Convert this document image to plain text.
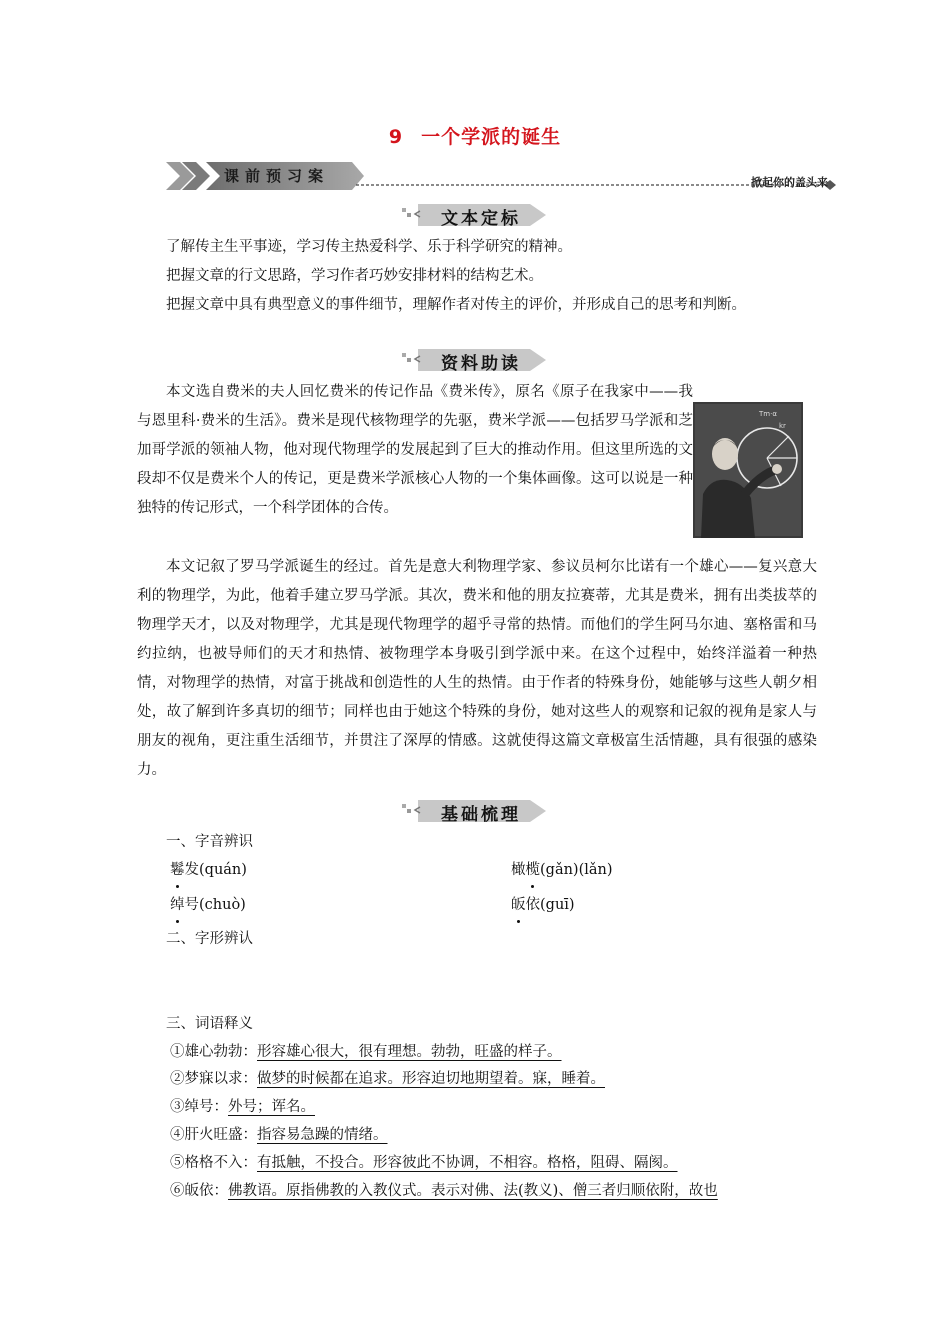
9 一个学派的诞生
课前预习案	掀起你的盖头来
文本定标

了解传主生平事迹，学习传主热爱科学、乐于科学研究的精神。

把握文章的行文思路，学习作者巧妙安排材料的结构艺术。

把握文章中具有典型意义的事件细节，理解作者对传主的评价，并形成自己的思考和判断。

资料助读
Tm·α
kr

本文选自费米的夫人回忆费米的传记作品《费米传》，原名《原子在我家中——我与恩里科·费米的生活》。费米是现代核物理学的先驱，费米学派——包括罗马学派和芝加哥学派的领袖人物，他对现代物理学的发展起到了巨大的推动作用。但这里所选的文段却不仅是费米个人的传记，更是费米学派核心人物的一个集体画像。这可以说是一种独特的传记形式，一个科学团体的合传。

本文记叙了罗马学派诞生的经过。首先是意大利物理学家、参议员柯尔比诺有一个雄心——复兴意大利的物理学，为此，他着手建立罗马学派。其次，费米和他的朋友拉赛蒂，尤其是费米，拥有出类拔萃的物理学天才，以及对物理学，尤其是现代物理学的超乎寻常的热情。而他们的学生阿马尔迪、塞格雷和马约拉纳，也被导师们的天才和热情、被物理学本身吸引到学派中来。在这个过程中，始终洋溢着一种热情，对物理学的热情，对富于挑战和创造性的人生的热情。由于作者的特殊身份，她能够与这些人朝夕相处，故了解到许多真切的细节；同样也由于她这个特殊的身份，她对这些人的观察和记叙的视角是家人与朋友的视角，更注重生活细节，并贯注了深厚的情感。这就使得这篇文章极富生活情趣，具有很强的感染力。

基础梳理
一、字音辨识
鬈发(quán)	橄榄(gǎn)(lǎn)
绰号(chuò)	皈依(guī)
二、字形辨认
三、词语释义
①雄心勃勃：形容雄心很大，很有理想。勃勃，旺盛的样子。
②梦寐以求：做梦的时候都在追求。形容迫切地期望着。寐，睡着。
③绰号：外号；诨名。
④肝火旺盛：指容易急躁的情绪。
⑤格格不入：有抵触，不投合。形容彼此不协调，不相容。格格，阻碍、隔阂。
⑥皈依：佛教语。原指佛教的入教仪式。表示对佛、法(教义)、僧三者归顺依附，故也
